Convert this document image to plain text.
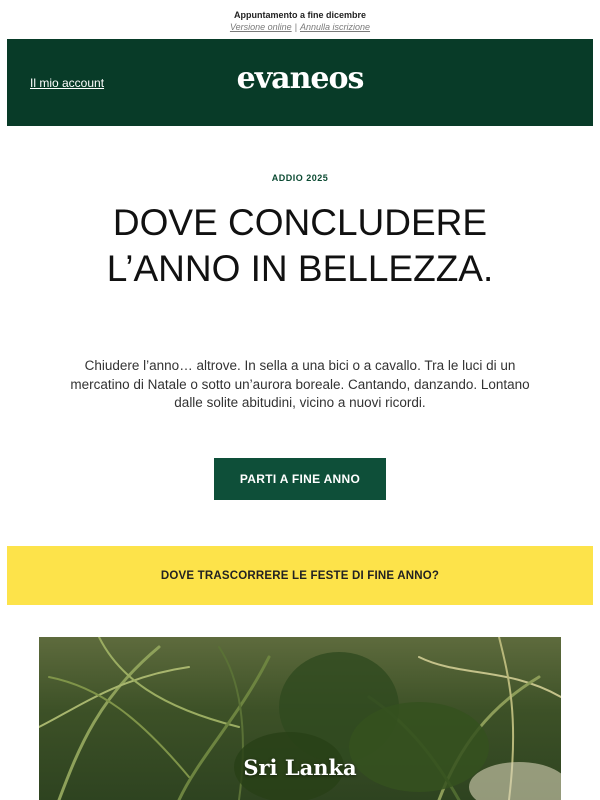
Appuntamento a fine dicembre
Versione online | Annulla iscrizione
Il mio account	evaneos
ADDIO 2025
DOVE CONCLUDERE
L’ANNO IN BELLEZZA.
Chiudere l’anno… altrove. In sella a una bici o a cavallo. Tra le luci di un mercatino di Natale o sotto un’aurora boreale. Cantando, danzando. Lontano dalle solite abitudini, vicino a nuovi ricordi.
PARTI A FINE ANNO
DOVE TRASCORRERE LE FESTE DI FINE ANNO?
Sri Lanka
